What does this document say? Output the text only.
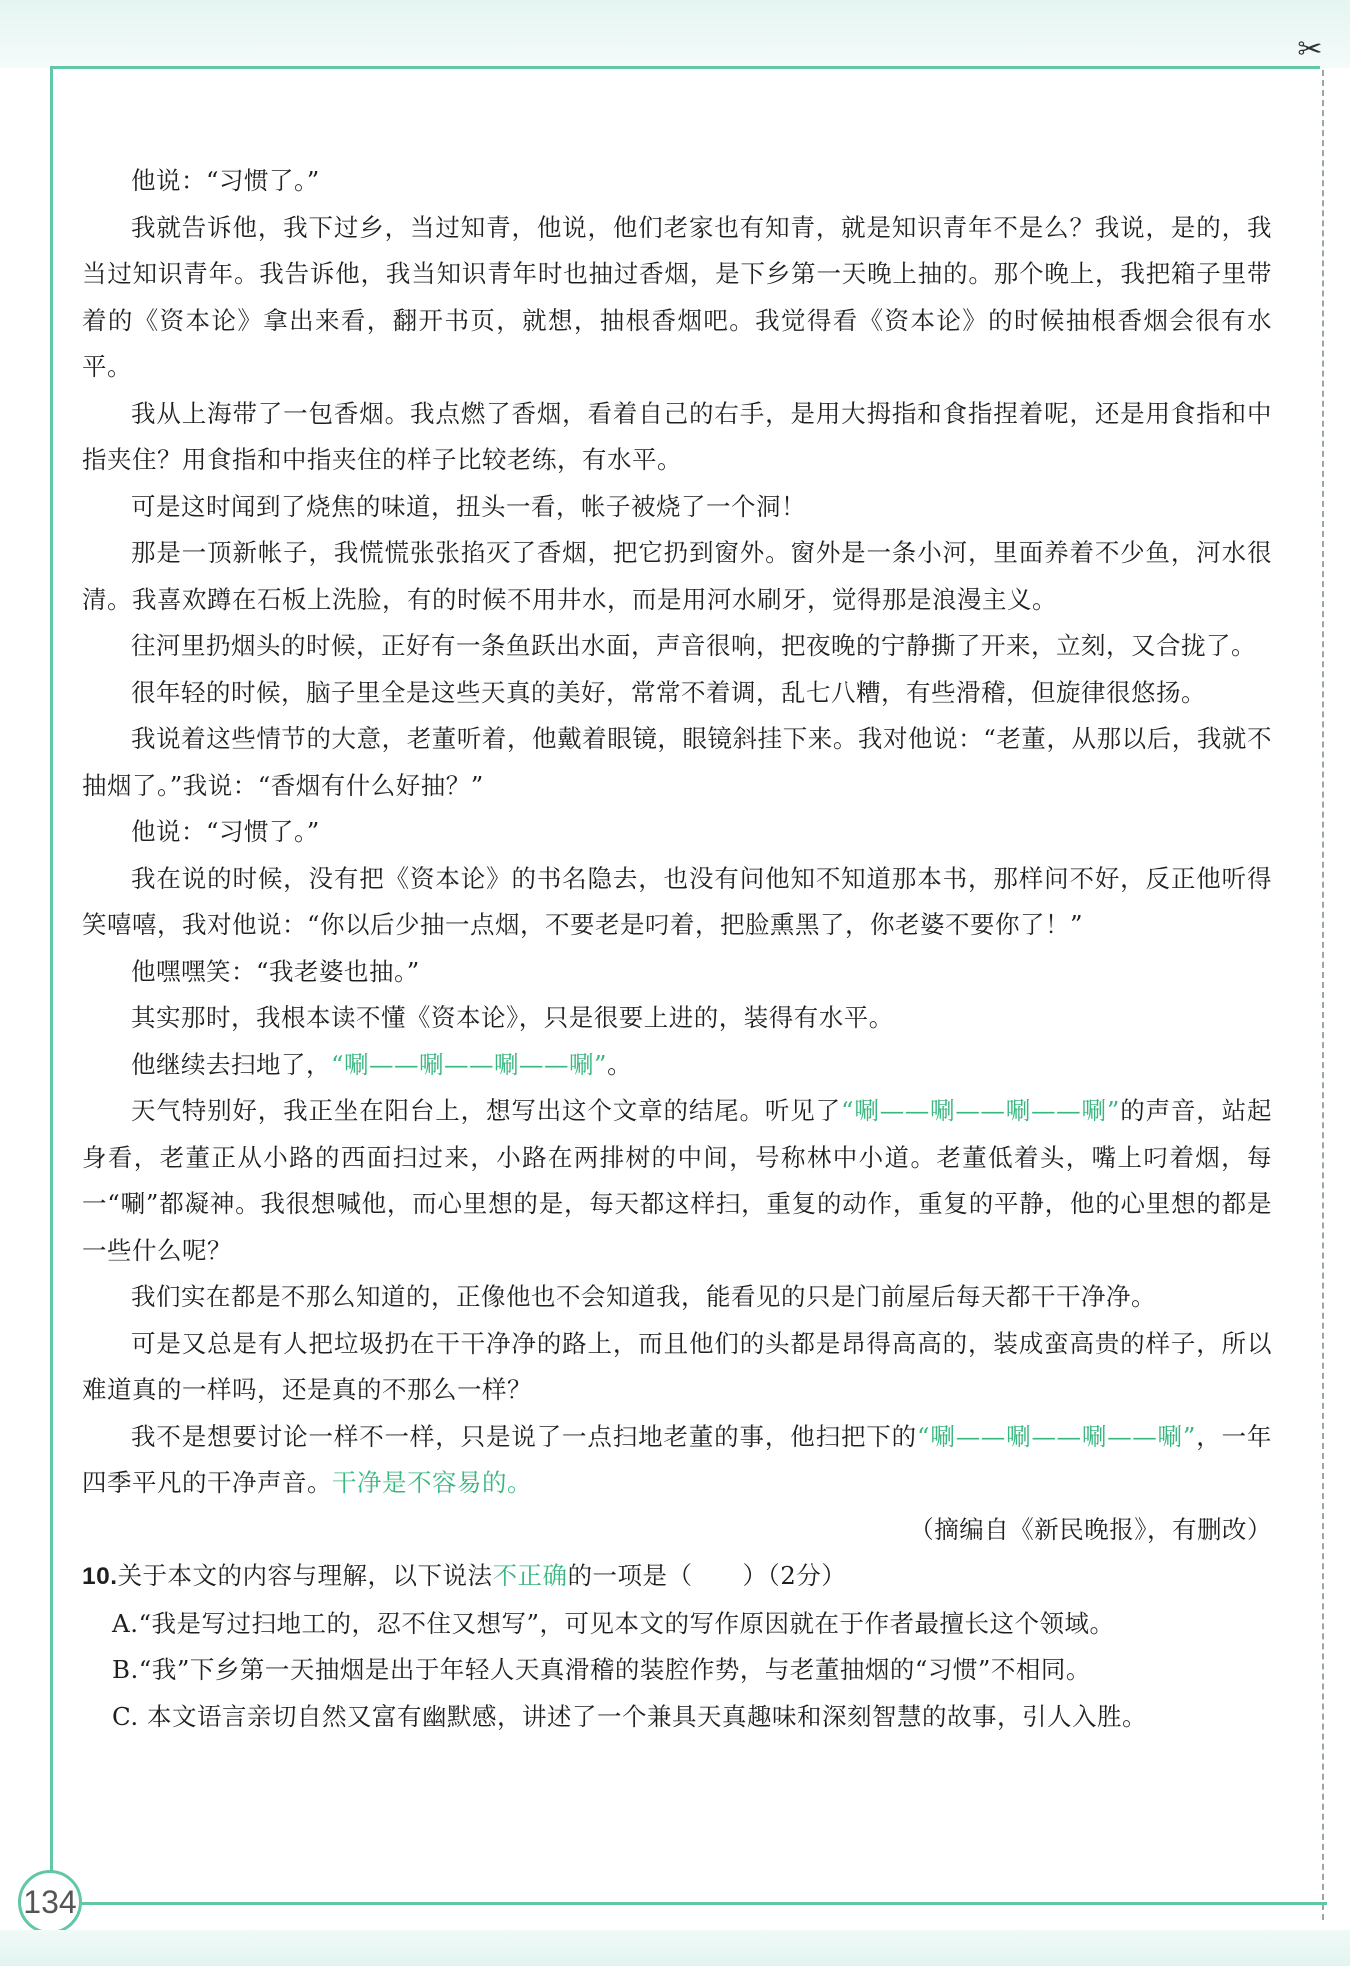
✂

他说：“习惯了。”

我就告诉他，我下过乡，当过知青，他说，他们老家也有知青，就是知识青年不是么？我说，是的，我当过知识青年。我告诉他，我当知识青年时也抽过香烟，是下乡第一天晚上抽的。那个晚上，我把箱子里带着的《资本论》拿出来看，翻开书页，就想，抽根香烟吧。我觉得看《资本论》的时候抽根香烟会很有水平。

我从上海带了一包香烟。我点燃了香烟，看着自己的右手，是用大拇指和食指捏着呢，还是用食指和中指夹住？用食指和中指夹住的样子比较老练，有水平。

可是这时闻到了烧焦的味道，扭头一看，帐子被烧了一个洞！

那是一顶新帐子，我慌慌张张掐灭了香烟，把它扔到窗外。窗外是一条小河，里面养着不少鱼，河水很清。我喜欢蹲在石板上洗脸，有的时候不用井水，而是用河水刷牙，觉得那是浪漫主义。

往河里扔烟头的时候，正好有一条鱼跃出水面，声音很响，把夜晚的宁静撕了开来，立刻，又合拢了。

很年轻的时候，脑子里全是这些天真的美好，常常不着调，乱七八糟，有些滑稽，但旋律很悠扬。

我说着这些情节的大意，老董听着，他戴着眼镜，眼镜斜挂下来。我对他说：“老董，从那以后，我就不抽烟了。”我说：“香烟有什么好抽？”

他说：“习惯了。”

我在说的时候，没有把《资本论》的书名隐去，也没有问他知不知道那本书，那样问不好，反正他听得笑嘻嘻，我对他说：“你以后少抽一点烟，不要老是叼着，把脸熏黑了，你老婆不要你了！”

他嘿嘿笑：“我老婆也抽。”

其实那时，我根本读不懂《资本论》，只是很要上进的，装得有水平。

他继续去扫地了，“唰——唰——唰——唰”。

天气特别好，我正坐在阳台上，想写出这个文章的结尾。听见了“唰——唰——唰——唰”的声音，站起身看，老董正从小路的西面扫过来，小路在两排树的中间，号称林中小道。老董低着头，嘴上叼着烟，每一“唰”都凝神。我很想喊他，而心里想的是，每天都这样扫，重复的动作，重复的平静，他的心里想的都是一些什么呢？

我们实在都是不那么知道的，正像他也不会知道我，能看见的只是门前屋后每天都干干净净。

可是又总是有人把垃圾扔在干干净净的路上，而且他们的头都是昂得高高的，装成蛮高贵的样子，所以难道真的一样吗，还是真的不那么一样？

我不是想要讨论一样不一样，只是说了一点扫地老董的事，他扫把下的“唰——唰——唰——唰”，一年四季平凡的干净声音。干净是不容易的。

（摘编自《新民晚报》，有删改）

10.关于本文的内容与理解，以下说法不正确的一项是（　　）（2分）

A.“我是写过扫地工的，忍不住又想写”，可见本文的写作原因就在于作者最擅长这个领域。

B.“我”下乡第一天抽烟是出于年轻人天真滑稽的装腔作势，与老董抽烟的“习惯”不相同。

C. 本文语言亲切自然又富有幽默感，讲述了一个兼具天真趣味和深刻智慧的故事，引人入胜。

134
